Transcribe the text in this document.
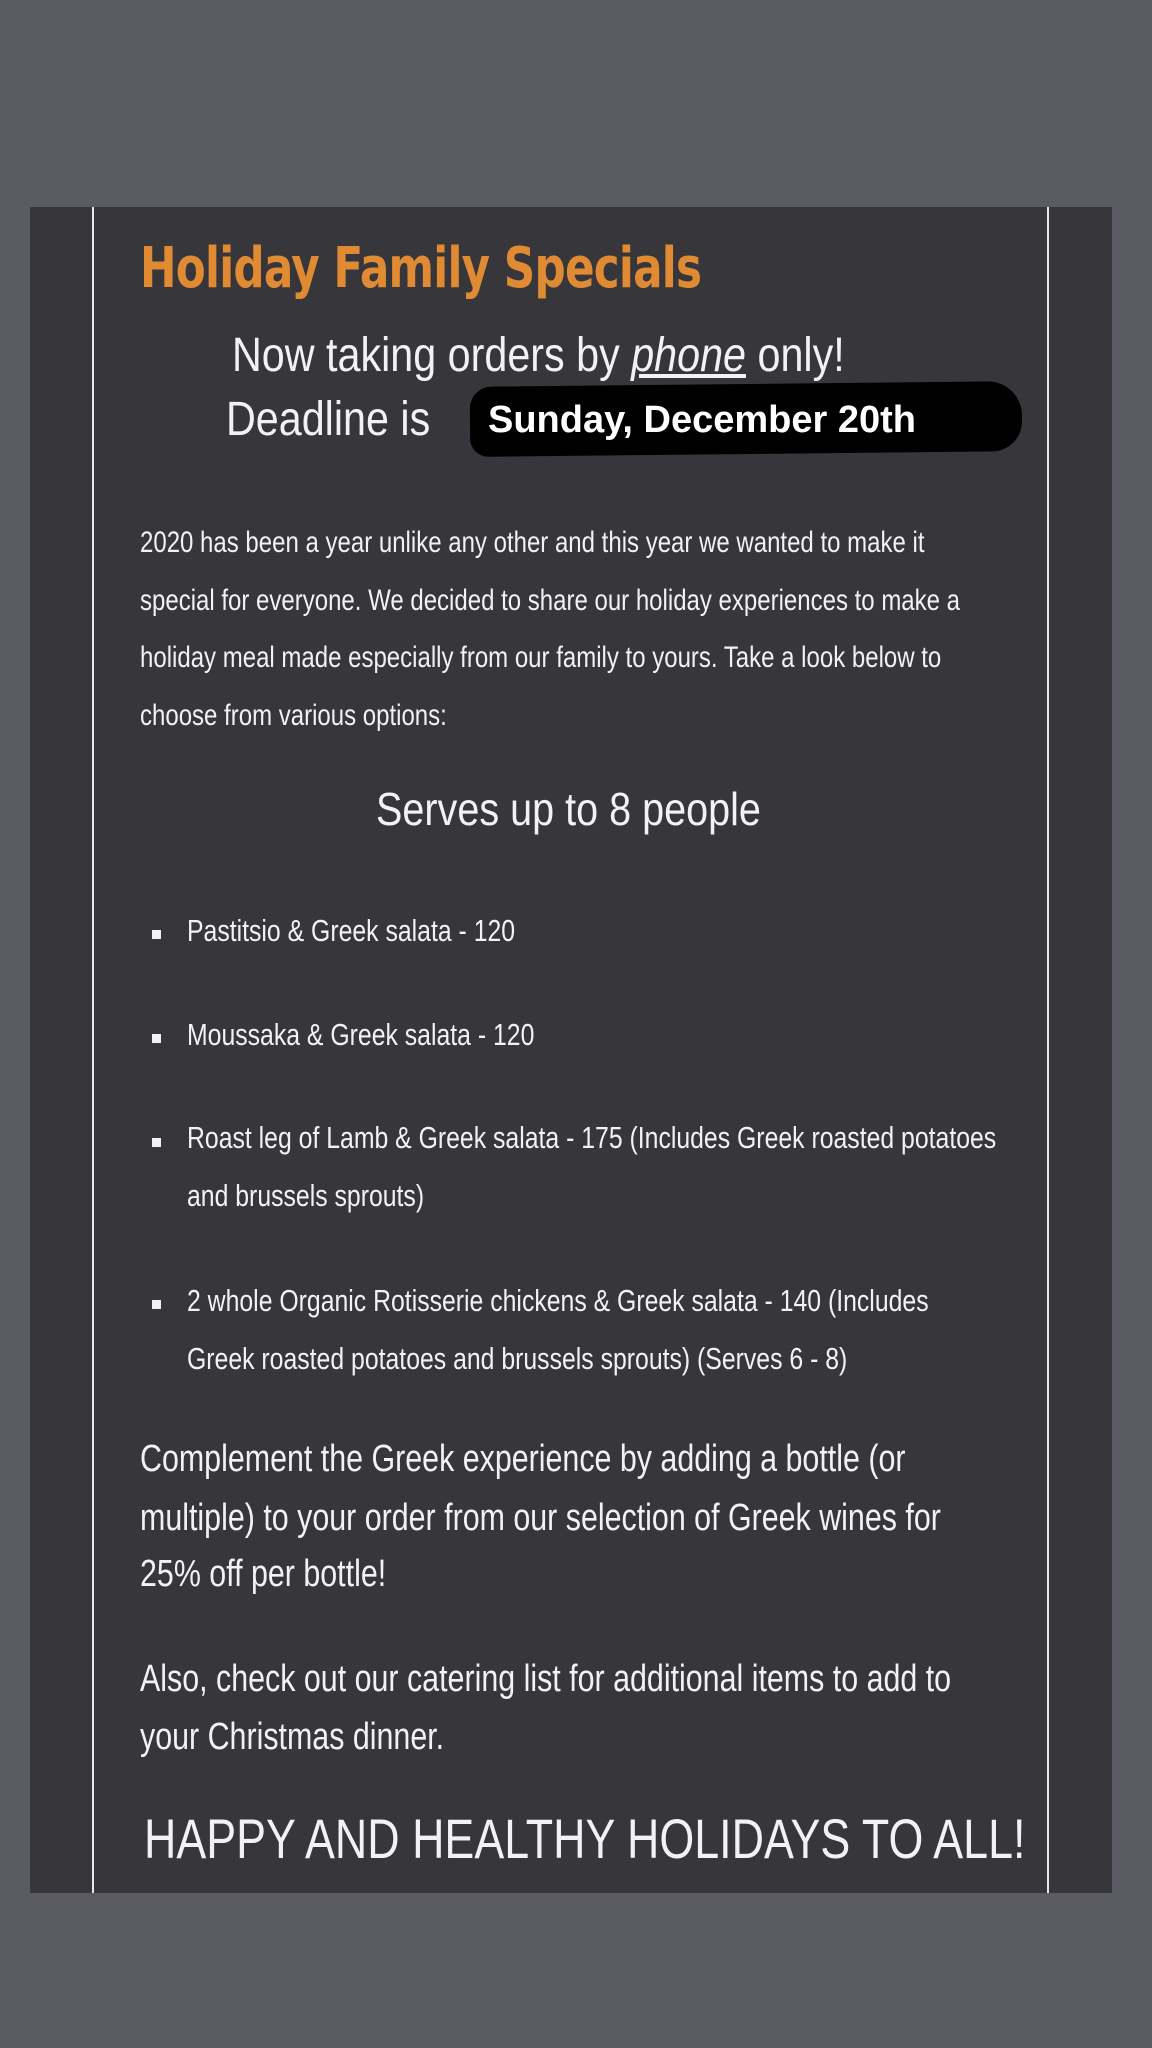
Holiday Family Specials
Now taking orders by phone only!
Deadline is Sunday, December 20th
2020 has been a year unlike any other and this year we wanted to make it
special for everyone. We decided to share our holiday experiences to make a
holiday meal made especially from our family to yours. Take a look below to
choose from various options:
Serves up to 8 people
Pastitsio & Greek salata - 120
Moussaka & Greek salata - 120
Roast leg of Lamb & Greek salata - 175 (Includes Greek roasted potatoes
and brussels sprouts)
2 whole Organic Rotisserie chickens & Greek salata - 140 (Includes
Greek roasted potatoes and brussels sprouts) (Serves 6 - 8)
Complement the Greek experience by adding a bottle (or
multiple) to your order from our selection of Greek wines for
25% off per bottle!
Also, check out our catering list for additional items to add to
your Christmas dinner.
HAPPY AND HEALTHY HOLIDAYS TO ALL!
